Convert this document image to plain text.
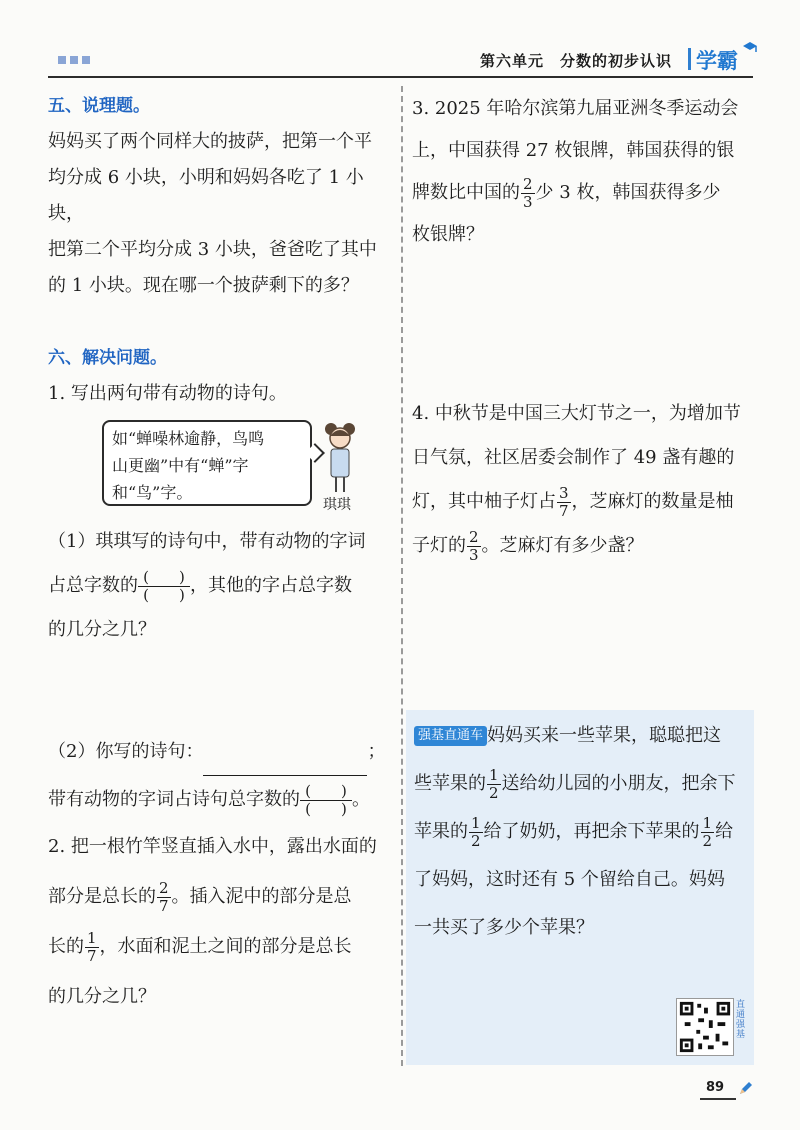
第六单元　分数的初步认识 学霸
五、说理题。
妈妈买了两个同样大的披萨，把第一个平
均分成 6 小块，小明和妈妈各吃了 1 小块，
把第二个平均分成 3 小块，爸爸吃了其中
的 1 小块。现在哪一个披萨剩下的多？
六、解决问题。
1. 写出两句带有动物的诗句。
如“蝉噪林逾静，鸟鸣
山更幽”中有“蝉”字
和“鸟”字。
琪琪
（1）琪琪写的诗句中，带有动物的字词
占总字数的 $\frac{( )}{( )}$，其他的字占总字数
的几分之几？
（2）你写的诗句：	；
带有动物的字词占诗句总字数的 $\frac{( )}{( )}$。
2. 把一根竹竿竖直插入水中，露出水面的
部分是总长的 $\frac{2}{7}$ 。插入泥中的部分是总
长的 $\frac{1}{7}$ ，水面和泥土之间的部分是总长
的几分之几？
3. 2025 年哈尔滨第九届亚洲冬季运动会
上，中国获得 27 枚银牌，韩国获得的银
牌数比中国的 $\frac{2}{3}$ 少 3 枚，韩国获得多少
枚银牌？
4. 中秋节是中国三大灯节之一，为增加节
日气氛，社区居委会制作了 49 盏有趣的
灯，其中柚子灯占 $\frac{3}{7}$ ，芝麻灯的数量是柚
子灯的 $\frac{2}{3}$ 。芝麻灯有多少盏？
强基直通车 妈妈买来一些苹果，聪聪把这
些苹果的 $\frac{1}{2}$ 送给幼儿园的小朋友，把余下
苹果的 $\frac{1}{2}$ 给了奶奶，再把余下苹果的 $\frac{1}{2}$ 给
了妈妈，这时还有 5 个留给自己。妈妈
一共买了多少个苹果？
直通强基
89
